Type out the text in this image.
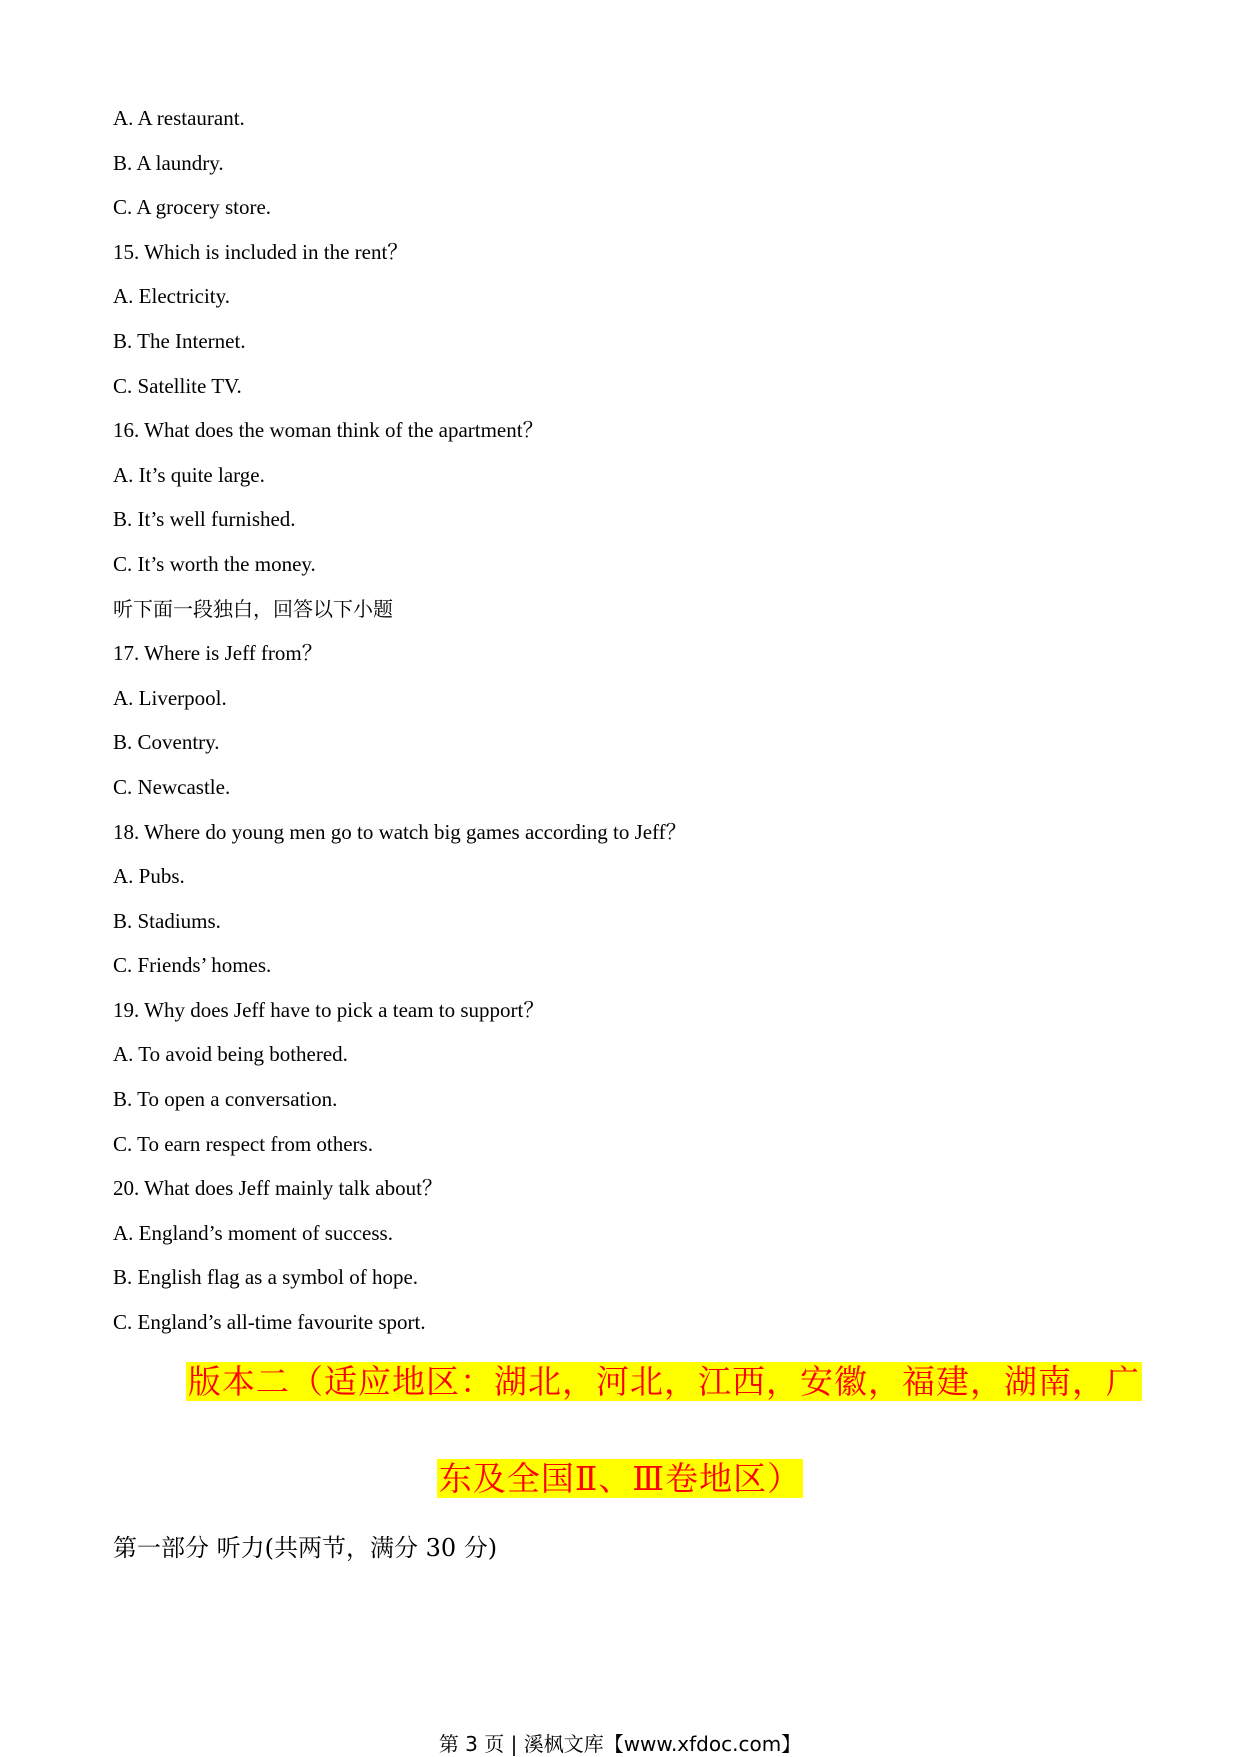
A. A restaurant.
B. A laundry.
C. A grocery store.
15. Which is included in the rent？
A. Electricity.
B. The Internet.
C. Satellite TV.
16. What does the woman think of the apartment？
A. It’s quite large.
B. It’s well furnished.
C. It’s worth the money.
听下面一段独白，回答以下小题
17. Where is Jeff from？
A. Liverpool.
B. Coventry.
C. Newcastle.
18. Where do young men go to watch big games according to Jeff？
A. Pubs.
B. Stadiums.
C. Friends’ homes.
19. Why does Jeff have to pick a team to support？
A. To avoid being bothered.
B. To open a conversation.
C. To earn respect from others.
20. What does Jeff mainly talk about？
A. England’s moment of success.
B. English flag as a symbol of hope.
C. England’s all-time favourite sport.
版本二（适应地区：湖北，河北，江西，安徽，福建，湖南，广
东及全国Ⅱ、Ⅲ卷地区）
第一部分 听力(共两节，满分 30 分)
第 3 页 | 溪枫文库【www.xfdoc.com】
